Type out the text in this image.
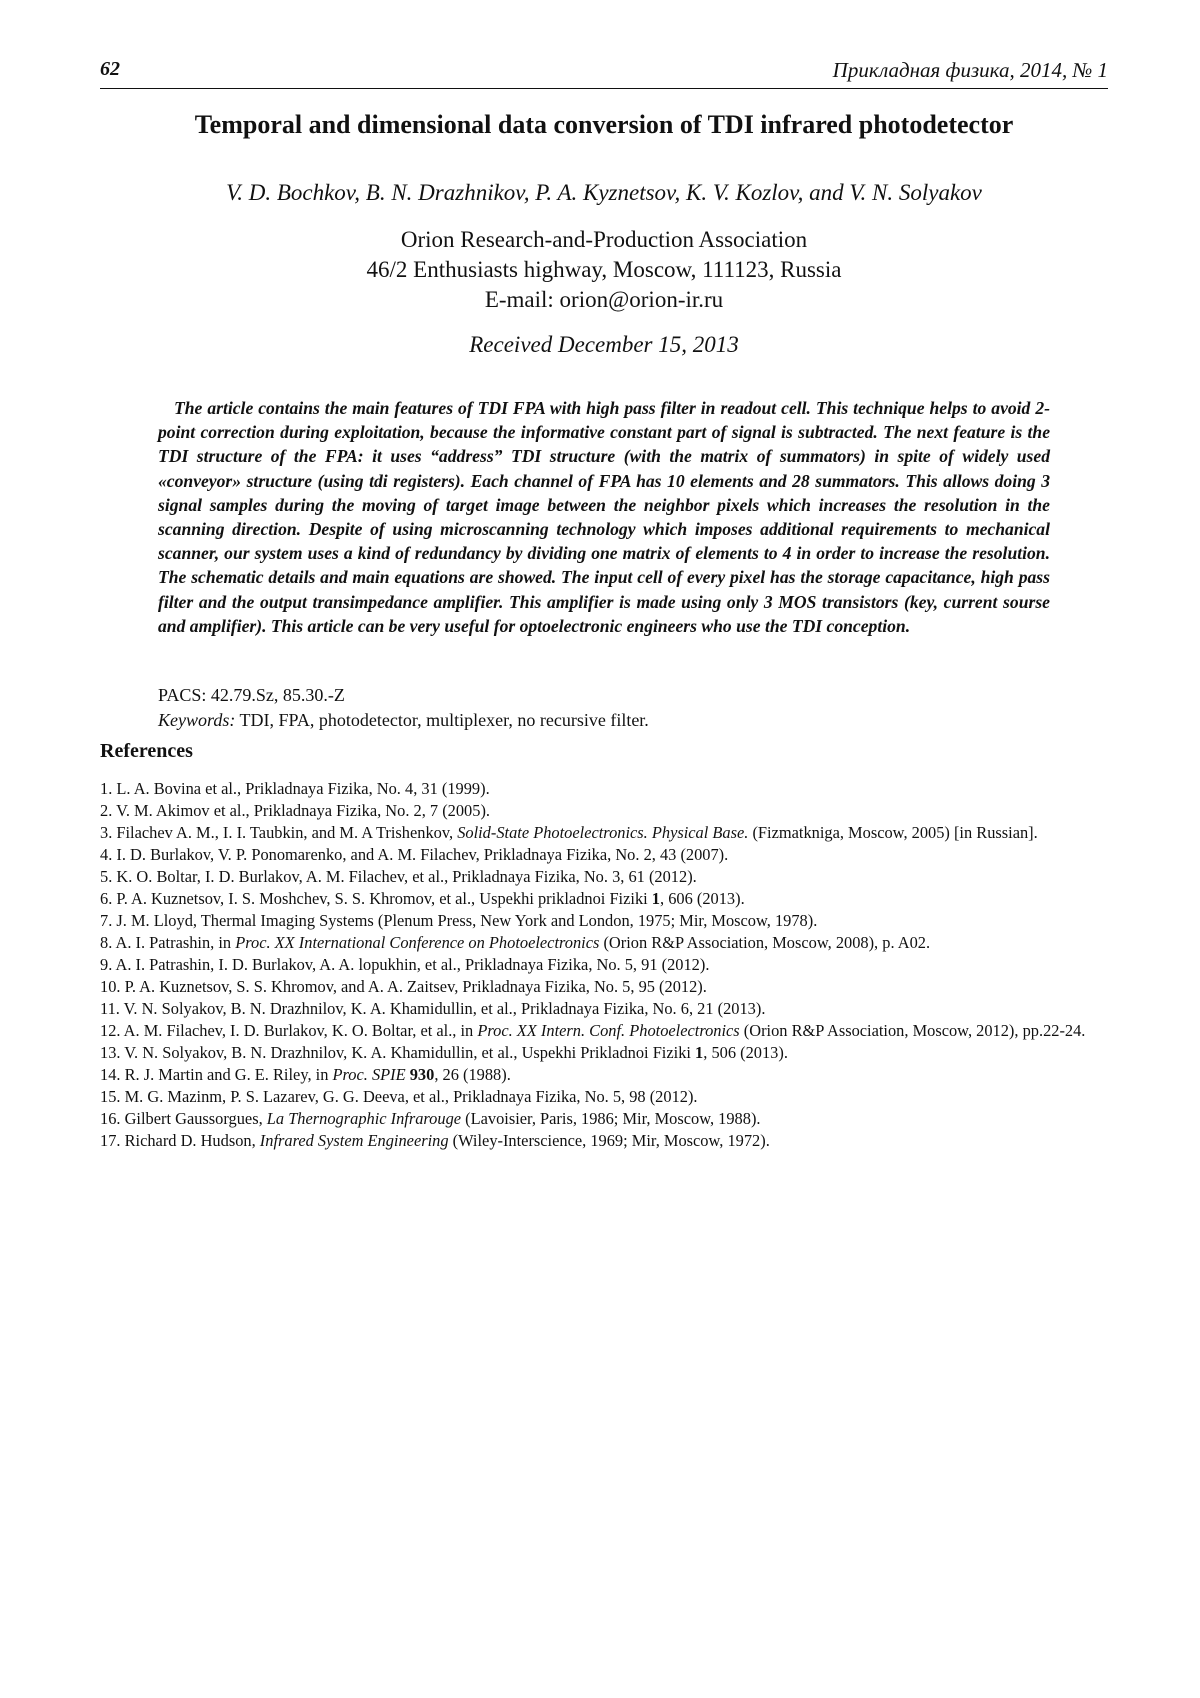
62	Прикладная физика, 2014, № 1
Temporal and dimensional data conversion of TDI infrared photodetector
V. D. Bochkov, B. N. Drazhnikov, P. A. Kyznetsov, K. V. Kozlov, and V. N. Solyakov
Orion Research-and-Production Association
46/2 Enthusiasts highway, Moscow, 111123, Russia
E-mail: orion@orion-ir.ru
Received December 15, 2013
The article contains the main features of TDI FPA with high pass filter in readout cell. This technique helps to avoid 2-point correction during exploitation, because the informative constant part of signal is subtracted. The next feature is the TDI structure of the FPA: it uses “address” TDI structure (with the matrix of summators) in spite of widely used «conveyor» structure (using tdi registers). Each channel of FPA has 10 elements and 28 summators. This allows doing 3 signal samples during the moving of target image between the neighbor pixels which increases the resolution in the scanning direction. Despite of using microscanning technology which imposes additional requirements to mechanical scanner, our system uses a kind of redundancy by dividing one matrix of elements to 4 in order to increase the resolution. The schematic details and main equations are showed. The input cell of every pixel has the storage capacitance, high pass filter and the output transimpedance amplifier. This amplifier is made using only 3 MOS transistors (key, current sourse and amplifier). This article can be very useful for optoelectronic engineers who use the TDI conception.
PACS: 42.79.Sz, 85.30.-Z
Keywords: TDI, FPA, photodetector, multiplexer, no recursive filter.
References
1. L. A. Bovina et al., Prikladnaya Fizika, No. 4, 31 (1999).
2. V. M. Akimov et al., Prikladnaya Fizika, No. 2, 7 (2005).
3. Filachev A. M., I. I. Taubkin, and M. A Trishenkov, Solid-State Photoelectronics. Physical Base. (Fizmatkniga, Moscow, 2005) [in Russian].
4. I. D. Burlakov, V. P. Ponomarenko, and A. M. Filachev, Prikladnaya Fizika, No. 2, 43 (2007).
5. K. O. Boltar, I. D. Burlakov, A. M. Filachev, et al., Prikladnaya Fizika, No. 3, 61 (2012).
6. P. A. Kuznetsov, I. S. Moshchev, S. S. Khromov, et al., Uspekhi prikladnoi Fiziki 1, 606 (2013).
7. J. M. Lloyd, Thermal Imaging Systems (Plenum Press, New York and London, 1975; Mir, Moscow, 1978).
8. A. I. Patrashin, in Proc. XX International Conference on Photoelectronics (Orion R&P Association, Moscow, 2008), p. A02.
9. A. I. Patrashin, I. D. Burlakov, A. A. lopukhin, et al., Prikladnaya Fizika, No. 5, 91 (2012).
10. P. A. Kuznetsov, S. S. Khromov, and A. A. Zaitsev, Prikladnaya Fizika, No. 5, 95 (2012).
11. V. N. Solyakov, B. N. Drazhnilov, K. A. Khamidullin, et al., Prikladnaya Fizika, No. 6, 21 (2013).
12. A. M. Filachev, I. D. Burlakov, K. O. Boltar, et al., in Proc. XX Intern. Conf. Photoelectronics (Orion R&P Association, Moscow, 2012), pp.22-24.
13. V. N. Solyakov, B. N. Drazhnilov, K. A. Khamidullin, et al., Uspekhi Prikladnoi Fiziki 1, 506 (2013).
14. R. J. Martin and G. E. Riley, in Proc. SPIE 930, 26 (1988).
15. M. G. Mazinm, P. S. Lazarev, G. G. Deeva, et al., Prikladnaya Fizika, No. 5, 98 (2012).
16. Gilbert Gaussorgues, La Thernographic Infrarouge (Lavoisier, Paris, 1986; Mir, Moscow, 1988).
17. Richard D. Hudson, Infrared System Engineering (Wiley-Interscience, 1969; Mir, Moscow, 1972).
